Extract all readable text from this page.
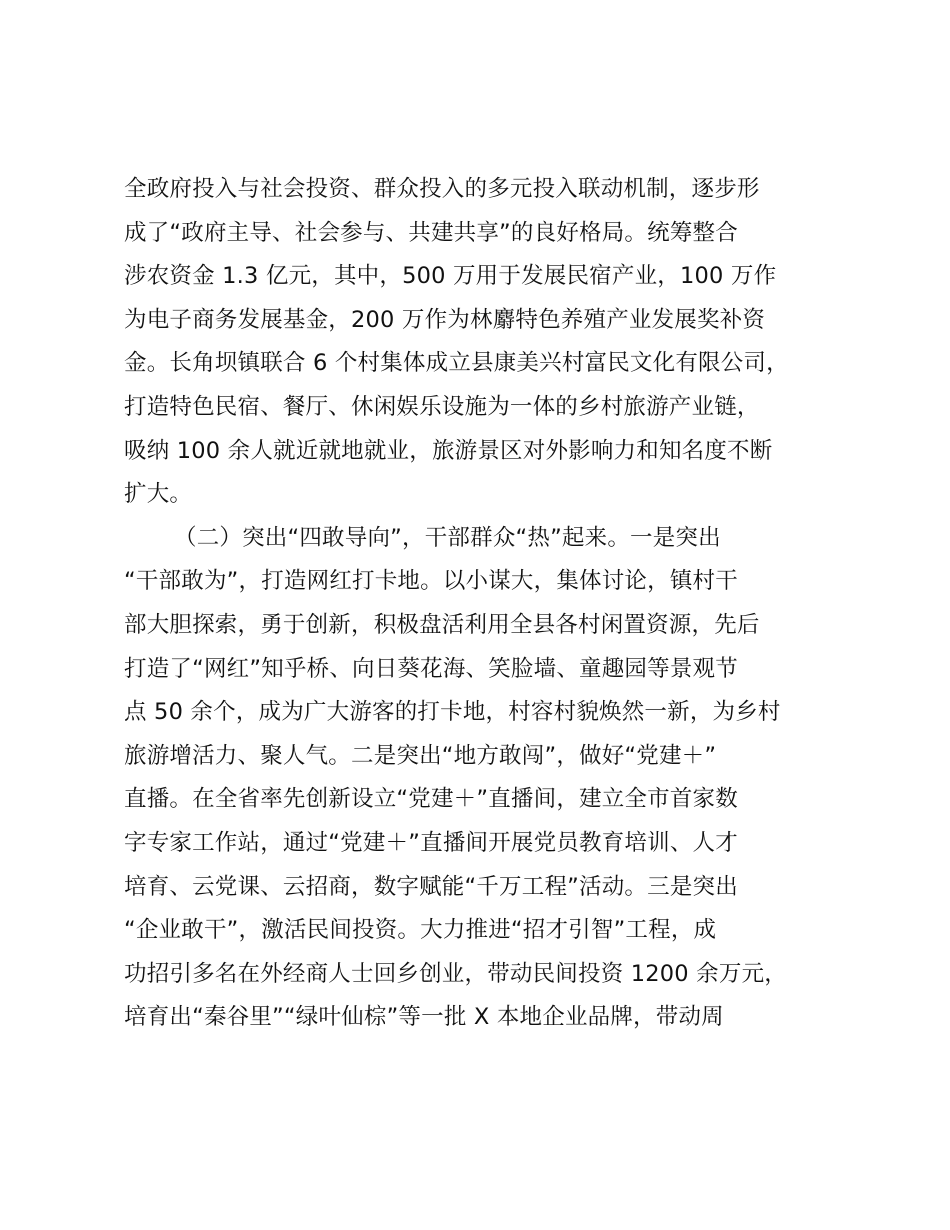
全政府投入与社会投资、群众投入的多元投入联动机制，逐步形
成了“政府主导、社会参与、共建共享”的良好格局。统筹整合
涉农资金 1.3 亿元，其中，500 万用于发展民宿产业，100 万作
为电子商务发展基金，200 万作为林麝特色养殖产业发展奖补资
金。长角坝镇联合 6 个村集体成立县康美兴村富民文化有限公司，
打造特色民宿、餐厅、休闲娱乐设施为一体的乡村旅游产业链，
吸纳 100 余人就近就地就业，旅游景区对外影响力和知名度不断
扩大。
（二）突出“四敢导向”，干部群众“热”起来。一是突出
“干部敢为”，打造网红打卡地。以小谋大，集体讨论，镇村干
部大胆探索，勇于创新，积极盘活利用全县各村闲置资源，先后
打造了“网红”知乎桥、向日葵花海、笑脸墙、童趣园等景观节
点 50 余个，成为广大游客的打卡地，村容村貌焕然一新，为乡村
旅游增活力、聚人气。二是突出“地方敢闯”，做好“党建＋”
直播。在全省率先创新设立“党建＋”直播间，建立全市首家数
字专家工作站，通过“党建＋”直播间开展党员教育培训、人才
培育、云党课、云招商，数字赋能“千万工程”活动。三是突出
“企业敢干”，激活民间投资。大力推进“招才引智”工程，成
功招引多名在外经商人士回乡创业，带动民间投资 1200 余万元，
培育出“秦谷里”“绿叶仙棕”等一批 X 本地企业品牌，带动周
